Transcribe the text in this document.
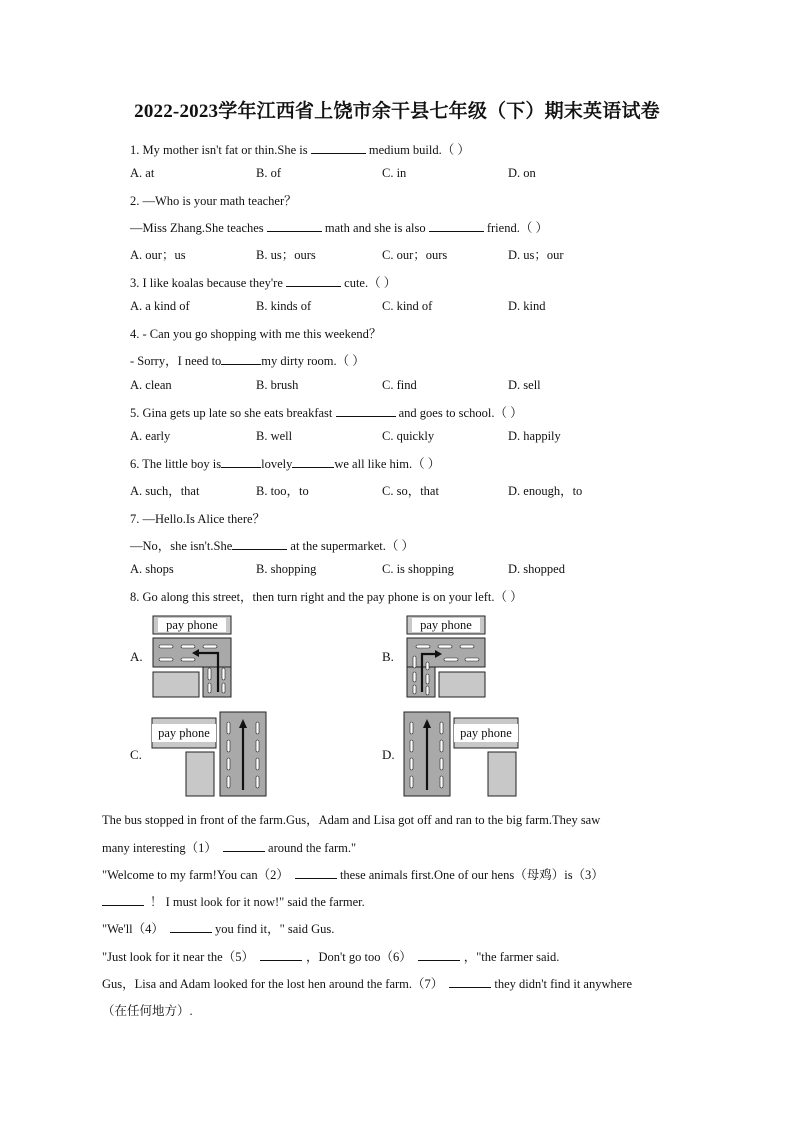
2022-2023学年江西省上饶市余干县七年级（下）期末英语试卷
1. My mother isn't fat or thin.She is	medium build.（ ）
A. at	B. of	C. in	D. on
2. —Who is your math teacher？
—Miss Zhang.She teaches	math and she is also	friend.（ ）
A. our；us	B. us；ours	C. our；ours	D. us；our
3. I like koalas because they're	cute.（ ）
A. a kind of	B. kinds of	C. kind of	D. kind
4. - Can you go shopping with me this weekend？
- Sorry，I need to	my dirty room.（ ）
A. clean	B. brush	C. find	D. sell
5. Gina gets up late so she eats breakfast	and goes to school.（ ）
A. early	B. well	C. quickly	D. happily
6. The little boy is	lovely	we all like him.（ ）
A. such，that	B. too，to	C. so，that	D. enough，to
7. —Hello.Is Alice there？
—No，she isn't.She	at the supermarket.（ ）
A. shops	B. shopping	C. is shopping	D. shopped
8. Go along this street，then turn right and the pay phone is on your left.（ ）
A.	B.
C.	D.
pay phone	pay phone
pay phone	pay phone
The bus stopped in front of the farm.Gus，Adam and Lisa got off and ran to the big farm.They saw
many interesting（1）	around the farm."
"Welcome to my farm!You can（2）	these animals first.One of our hens（母鸡）is（3）
！ I must look for it now!" said the farmer.
"We'll（4）	you find it，" said Gus.
"Just look for it near the（5）	，Don't go too（6）	，"the farmer said.
Gus，Lisa and Adam looked for the lost hen around the farm.（7）	they didn't find it anywhere
（在任何地方）.
